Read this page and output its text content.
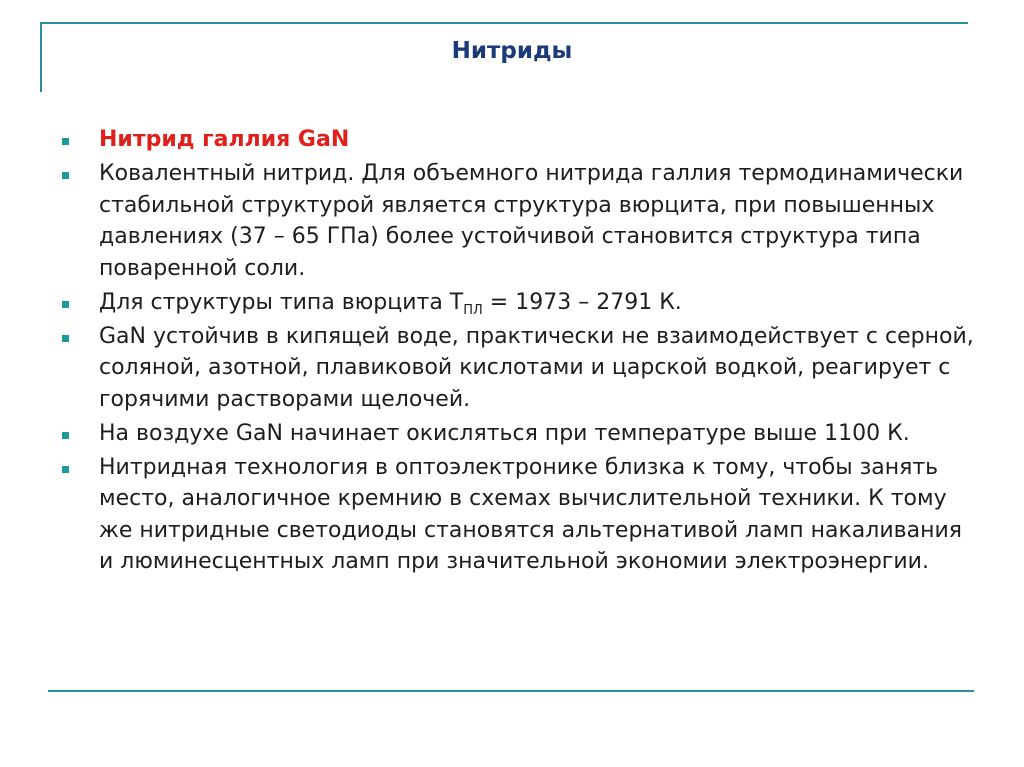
Нитриды
Нитрид галлия GaN
Ковалентный нитрид. Для объемного нитрида галлия термодинамически стабильной структурой является структура вюрцита, при повышенных давлениях (37 – 65 ГПа) более устойчивой становится структура типа поваренной соли.
Для структуры типа вюрцита $Т_{ПЛ} = 1973 - 2791$ К.
GaN устойчив в кипящей воде, практически не взаимодействует с серной, соляной, азотной, плавиковой кислотами и царской водкой, реагирует с горячими растворами щелочей.
На воздухе GaN начинает окисляться при температуре выше 1100 К.
Нитридная технология в оптоэлектронике близка к тому, чтобы занять место, аналогичное кремнию в схемах вычислительной техники. К тому же нитридные светодиоды становятся альтернативой ламп накаливания и люминесцентных ламп при значительной экономии электроэнергии.
